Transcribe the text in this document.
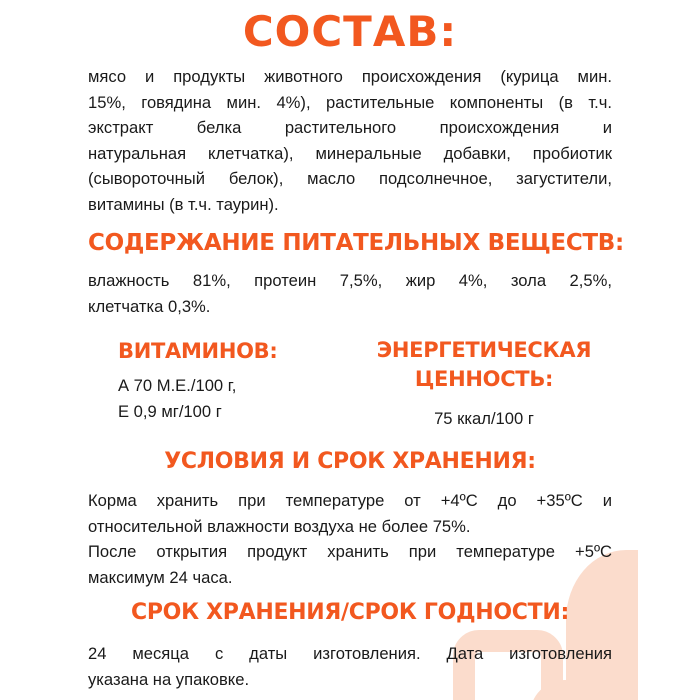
СОСТАВ:
мясо и продукты животного происхождения (курица мин.
15%, говядина мин. 4%), растительные компоненты (в т.ч.
экстракт белка растительного происхождения и
натуральная клетчатка), минеральные добавки, пробиотик
(сывороточный белок), масло подсолнечное, загустители,
витамины (в т.ч. таурин).
СОДЕРЖАНИЕ ПИТАТЕЛЬНЫХ ВЕЩЕСТВ:
влажность 81%, протеин 7,5%, жир 4%, зола 2,5%,
клетчатка 0,3%.
ВИТАМИНОВ:
А 70 М.Е./100 г,
Е 0,9 мг/100 г
ЭНЕРГЕТИЧЕСКАЯ
ЦЕННОСТЬ:
75 ккал/100 г
УСЛОВИЯ И СРОК ХРАНЕНИЯ:
Корма хранить при температуре от +4ºС до +35ºС и
относительной влажности воздуха не более 75%.
После открытия продукт хранить при температуре +5ºС
максимум 24 часа.
СРОК ХРАНЕНИЯ/СРОК ГОДНОСТИ:
24 месяца с даты изготовления. Дата изготовления
указана на упаковке.
